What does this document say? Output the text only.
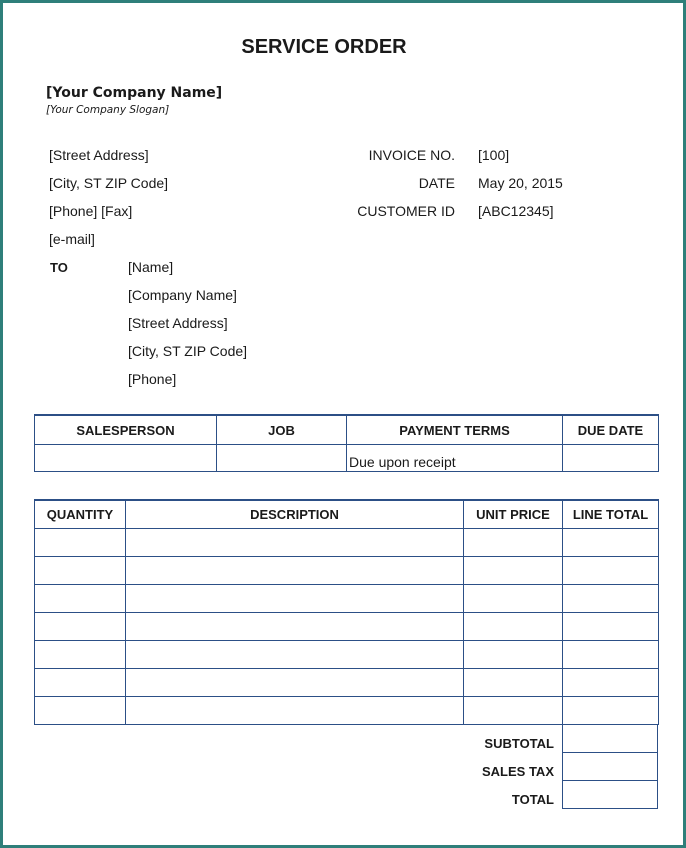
SERVICE ORDER
[Your Company Name]
[Your Company Slogan]
[Street Address]
[City, ST ZIP Code]
[Phone] [Fax]
[e-mail]
INVOICE NO. [100]
DATE May 20, 2015
CUSTOMER ID [ABC12345]
TO	[Name]
[Company Name]
[Street Address]
[City, ST ZIP Code]
[Phone]
SALESPERSON	JOB	PAYMENT TERMS	DUE DATE

		Due upon receipt	

QUANTITY	DESCRIPTION	UNIT PRICE	LINE TOTAL

SUBTOTAL
SALES TAX
TOTAL
